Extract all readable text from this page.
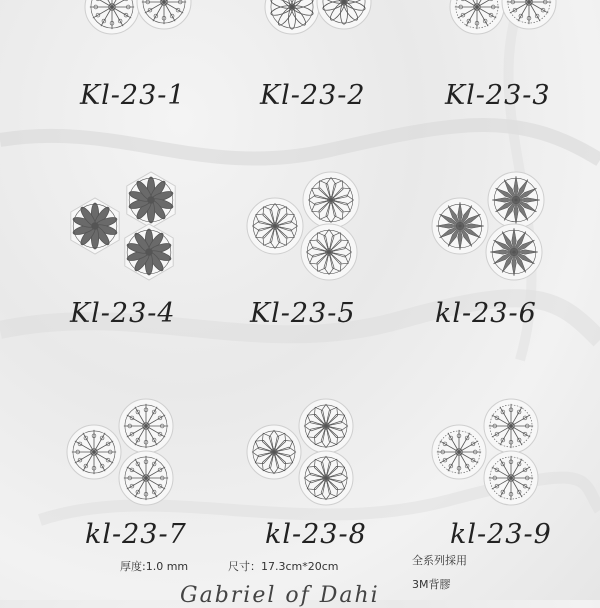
Kl-23-1	Kl-23-2	Kl-23-3
Kl-23-4	Kl-23-5	kl-23-6
kl-23-7	kl-23-8	kl-23-9
厚度:1.0 mm	尺寸：17.3cm*20cm	全系列採用
3M背膠
Gabriel of Dahi
